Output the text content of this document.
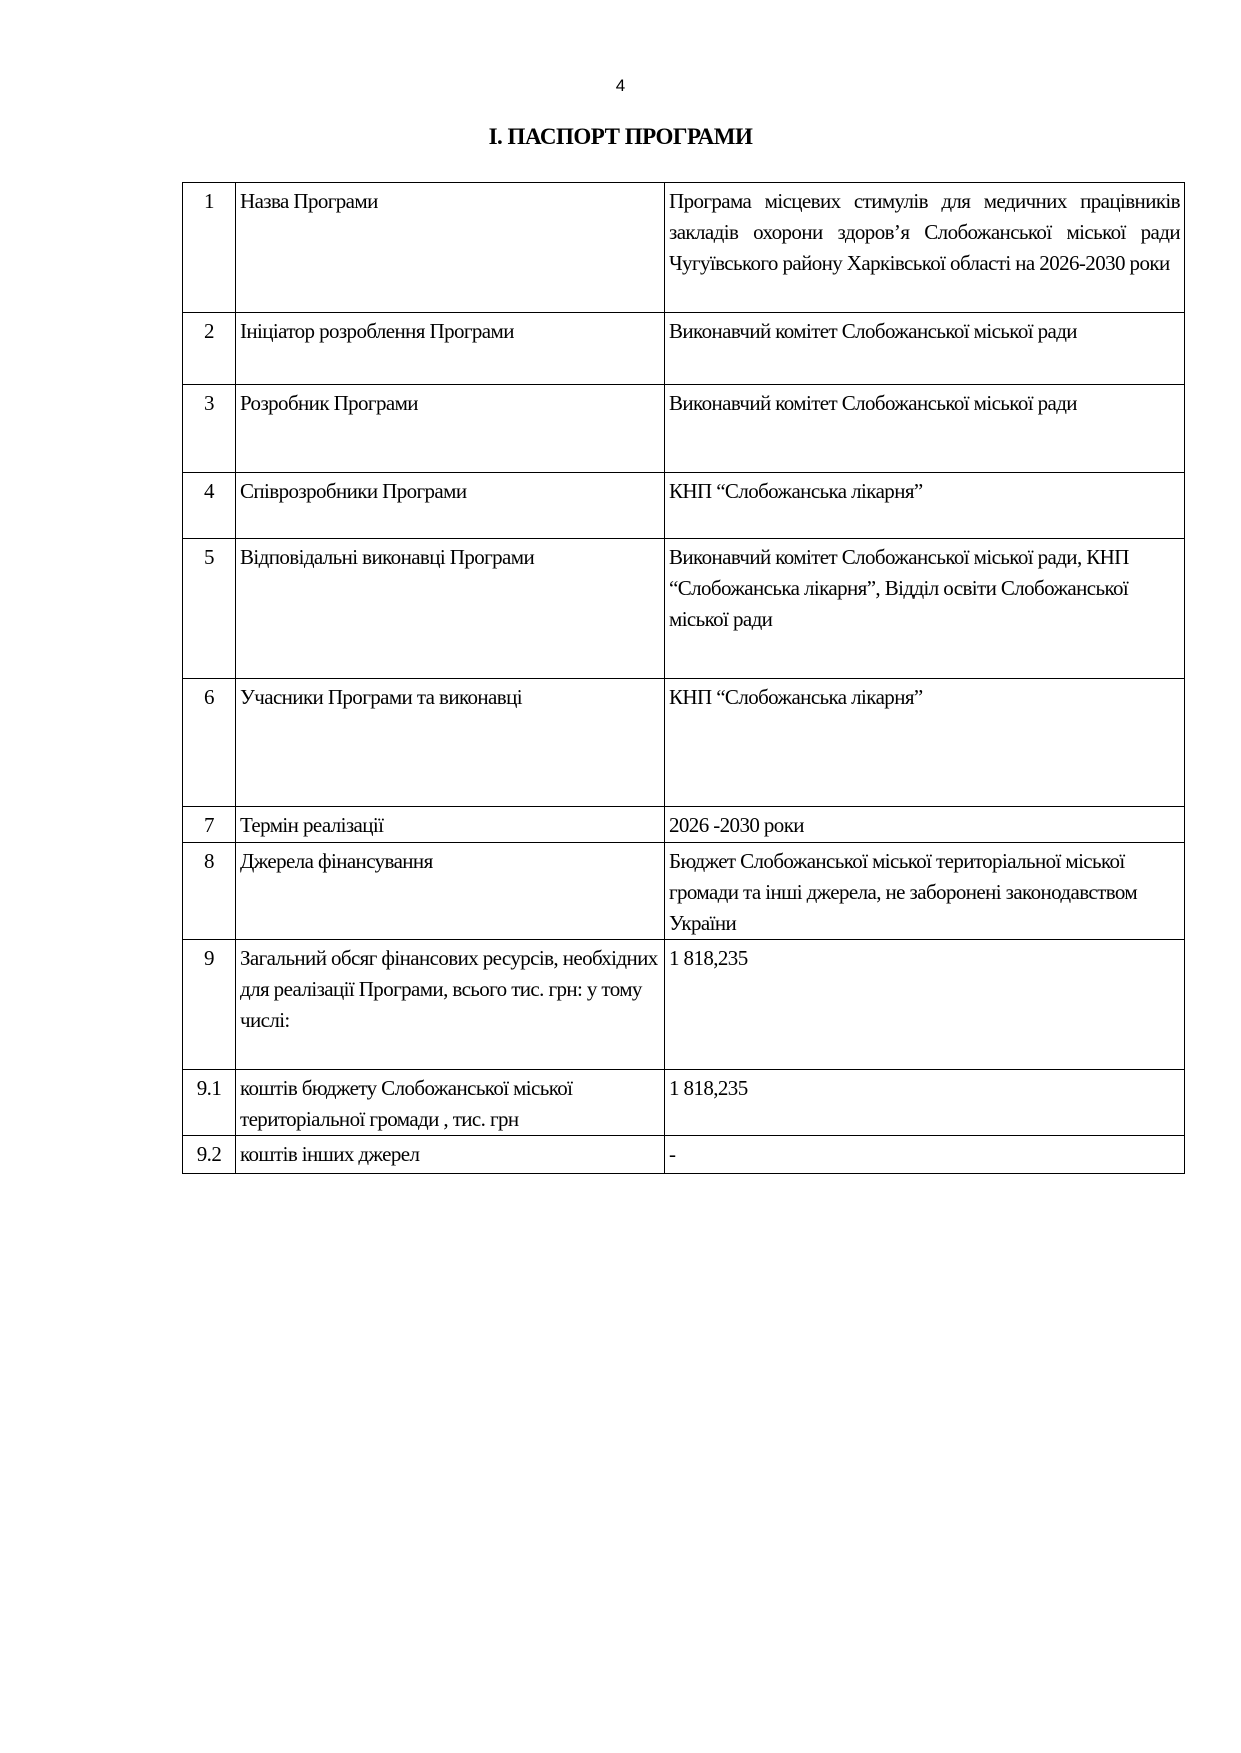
4
І. ПАСПОРТ ПРОГРАМИ
1	Назва Програми	Програма місцевих стимулів для медичних працівників закладів охорони здоров’я Слобожанської міської ради Чугуївського району Харківської області на 2026-2030 роки
2	Ініціатор розроблення Програми	Виконавчий комітет Слобожанської міської ради
3	Розробник Програми	Виконавчий комітет Слобожанської міської ради
4	Співрозробники Програми	КНП “Слобожанська лікарня”
5	Відповідальні виконавці Програми	Виконавчий комітет Слобожанської міської ради, КНП “Слобожанська лікарня”, Відділ освіти Слобожанської міської ради
6	Учасники Програми та виконавці	КНП “Слобожанська лікарня”
7	Термін реалізації	2026 -2030 роки
8	Джерела фінансування	Бюджет Слобожанської міської територіальної міської громади та інші джерела, не заборонені законодавством України
9	Загальний обсяг фінансових ресурсів, необхідних для реалізації Програми, всього тис. грн: у тому числі:	1 818,235
9.1	коштів бюджету Слобожанської міської територіальної громади , тис. грн	1 818,235
9.2	коштів інших джерел	-
